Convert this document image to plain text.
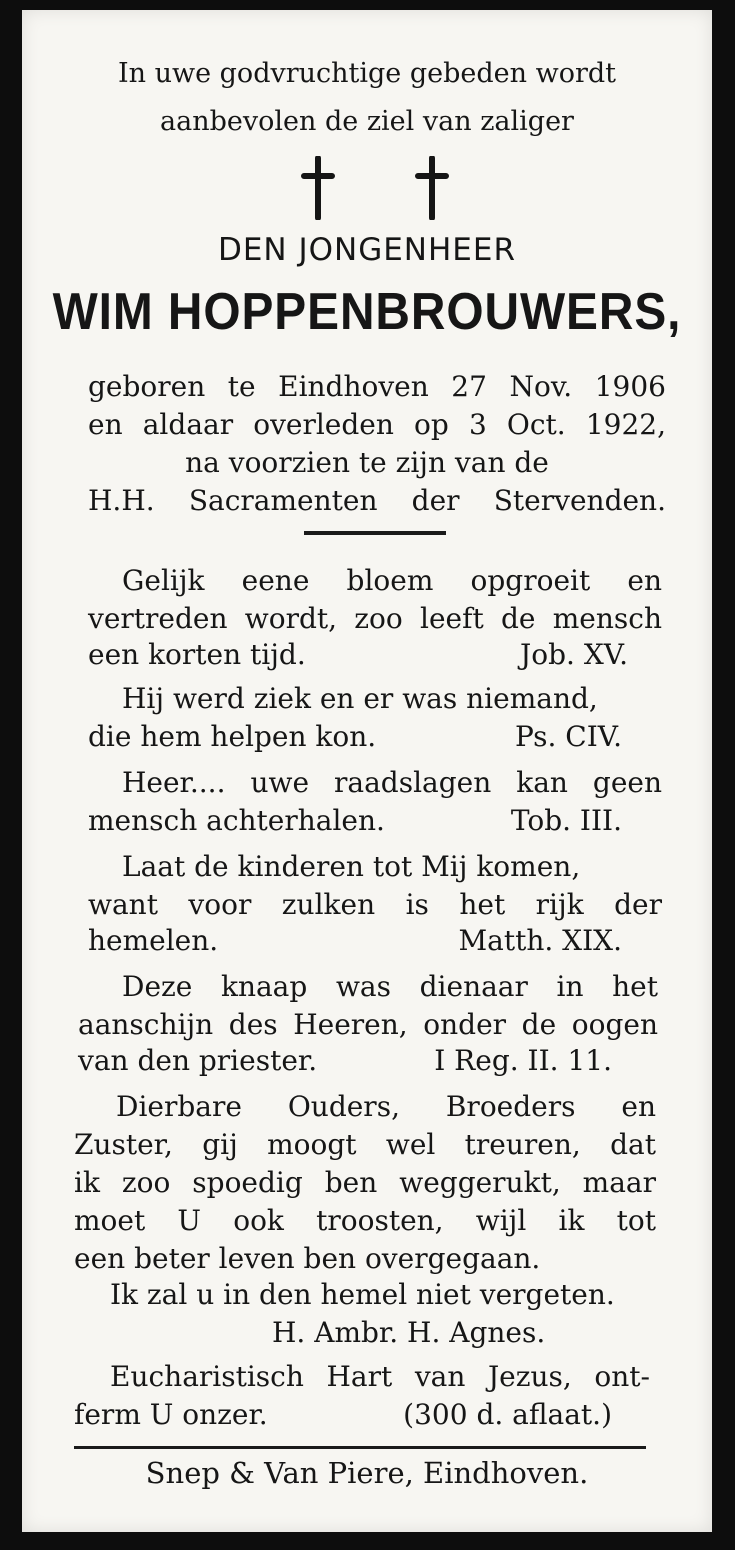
In uwe godvruchtige gebeden wordt
aanbevolen de ziel van zaliger
DEN JONGENHEER
WIM HOPPENBROUWERS,
geboren te Eindhoven 27 Nov. 1906
en aldaar overleden op 3 Oct. 1922,
na voorzien te zijn van de
H.H. Sacramenten der Stervenden.
Gelijk eene bloem opgroeit en
vertreden wordt, zoo leeft de mensch
een korten tijd.	Job. XV.
Hij werd ziek en er was niemand,
die hem helpen kon.	Ps. CIV.
Heer.... uwe raadslagen kan geen
mensch achterhalen.	Tob. III.
Laat de kinderen tot Mij komen,
want voor zulken is het rijk der
hemelen.	Matth. XIX.
Deze knaap was dienaar in het
aanschijn des Heeren, onder de oogen
van den priester.	I Reg. II. 11.
Dierbare Ouders, Broeders en
Zuster, gij moogt wel treuren, dat
ik zoo spoedig ben weggerukt, maar
moet U ook troosten, wijl ik tot
een beter leven ben overgegaan.
Ik zal u in den hemel niet vergeten.
H. Ambr. H. Agnes.
Eucharistisch Hart van Jezus, ont-
ferm U onzer.	(300 d. aflaat.)
Snep & Van Piere, Eindhoven.
